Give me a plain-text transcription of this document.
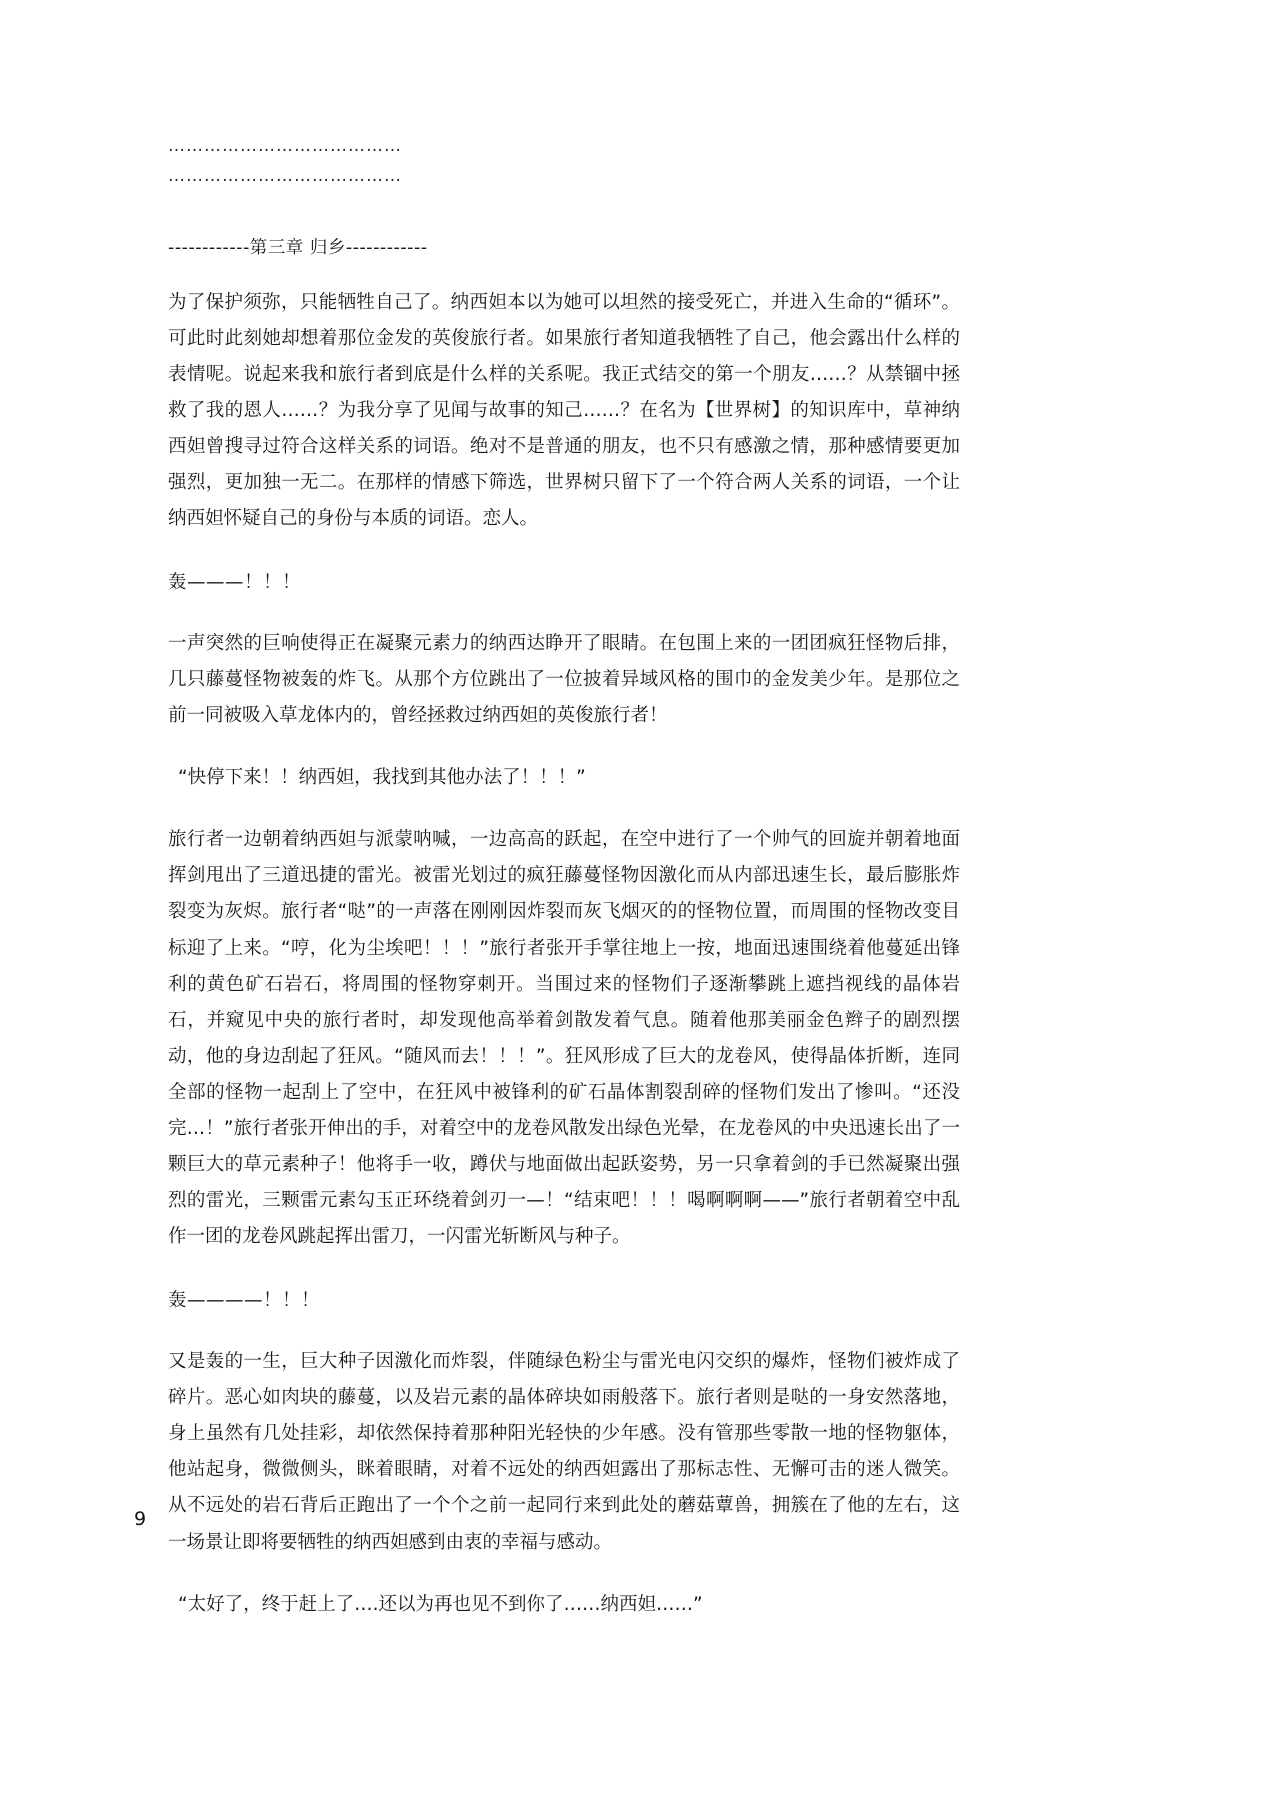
…………………………………
…………………………………
------------第三章 归乡------------

为了保护须弥，只能牺牲自己了。纳西妲本以为她可以坦然的接受死亡，并进入生命的“循环”。可此时此刻她却想着那位金发的英俊旅行者。如果旅行者知道我牺牲了自己，他会露出什么样的表情呢。说起来我和旅行者到底是什么样的关系呢。我正式结交的第一个朋友……？从禁锢中拯救了我的恩人……？为我分享了见闻与故事的知己……？在名为【世界树】的知识库中，草神纳西妲曾搜寻过符合这样关系的词语。绝对不是普通的朋友，也不只有感激之情，那种感情要更加强烈，更加独一无二。在那样的情感下筛选，世界树只留下了一个符合两人关系的词语，一个让纳西妲怀疑自己的身份与本质的词语。恋人。

轰———！！！

一声突然的巨响使得正在凝聚元素力的纳西达睁开了眼睛。在包围上来的一团团疯狂怪物后排，几只藤蔓怪物被轰的炸飞。从那个方位跳出了一位披着异域风格的围巾的金发美少年。是那位之前一同被吸入草龙体内的，曾经拯救过纳西妲的英俊旅行者！

“快停下来！！纳西妲，我找到其他办法了！！！”

旅行者一边朝着纳西妲与派蒙呐喊，一边高高的跃起，在空中进行了一个帅气的回旋并朝着地面挥剑甩出了三道迅捷的雷光。被雷光划过的疯狂藤蔓怪物因激化而从内部迅速生长，最后膨胀炸裂变为灰烬。旅行者“哒”的一声落在刚刚因炸裂而灰飞烟灭的的怪物位置，而周围的怪物改变目标迎了上来。“哼，化为尘埃吧！！！”旅行者张开手掌往地上一按，地面迅速围绕着他蔓延出锋利的黄色矿石岩石，将周围的怪物穿刺开。当围过来的怪物们子逐渐攀跳上遮挡视线的晶体岩石，并窥见中央的旅行者时，却发现他高举着剑散发着气息。随着他那美丽金色辫子的剧烈摆动，他的身边刮起了狂风。“随风而去！！！”。狂风形成了巨大的龙卷风，使得晶体折断，连同全部的怪物一起刮上了空中，在狂风中被锋利的矿石晶体割裂刮碎的怪物们发出了惨叫。“还没完…！”旅行者张开伸出的手，对着空中的龙卷风散发出绿色光晕，在龙卷风的中央迅速长出了一颗巨大的草元素种子！他将手一收，蹲伏与地面做出起跃姿势，另一只拿着剑的手已然凝聚出强烈的雷光，三颗雷元素勾玉正环绕着剑刃一—！“结束吧！！！喝啊啊啊——”旅行者朝着空中乱作一团的龙卷风跳起挥出雷刀，一闪雷光斩断风与种子。

轰————！！！

又是轰的一生，巨大种子因激化而炸裂，伴随绿色粉尘与雷光电闪交织的爆炸，怪物们被炸成了碎片。恶心如肉块的藤蔓，以及岩元素的晶体碎块如雨般落下。旅行者则是哒的一身安然落地，身上虽然有几处挂彩，却依然保持着那种阳光轻快的少年感。没有管那些零散一地的怪物躯体，他站起身，微微侧头，眯着眼睛，对着不远处的纳西妲露出了那标志性、无懈可击的迷人微笑。从不远处的岩石背后正跑出了一个个之前一起同行来到此处的蘑菇蕈兽，拥簇在了他的左右，这一场景让即将要牺牲的纳西妲感到由衷的幸福与感动。

“太好了，终于赶上了….还以为再也见不到你了……纳西妲……”

9
